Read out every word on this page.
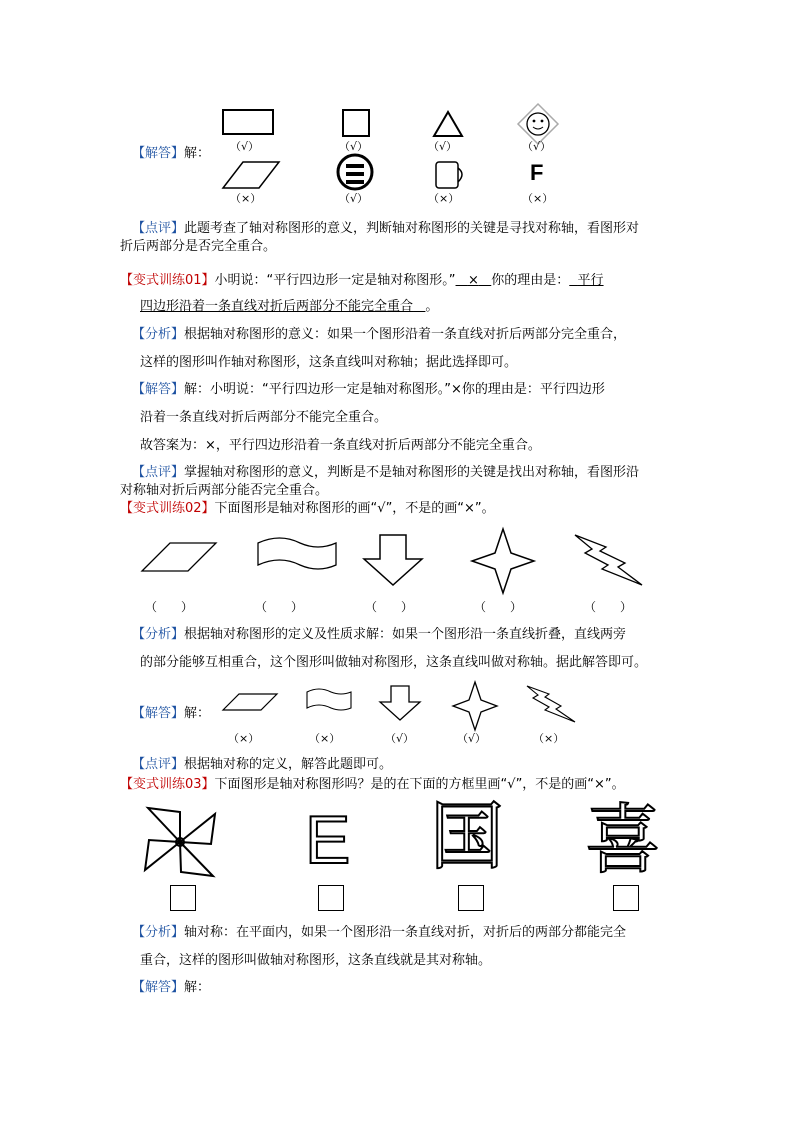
【解答】解：
F
（√）	（√）	（√）	（√）
（×）	（√）	（×）	（×）
【点评】此题考查了轴对称图形的意义，判断轴对称图形的关键是寻找对称轴，看图形对
折后两部分是否完全重合。
【变式训练01】小明说：“平行四边形一定是轴对称图形。” × 你的理由是： 平行
四边形沿着一条直线对折后两部分不能完全重合 。
【分析】根据轴对称图形的意义：如果一个图形沿着一条直线对折后两部分完全重合，
这样的图形叫作轴对称图形，这条直线叫对称轴；据此选择即可。
【解答】解：小明说：“平行四边形一定是轴对称图形。”×你的理由是：平行四边形
沿着一条直线对折后两部分不能完全重合。
故答案为：×，平行四边形沿着一条直线对折后两部分不能完全重合。
【点评】掌握轴对称图形的意义，判断是不是轴对称图形的关键是找出对称轴，看图形沿
对称轴对折后两部分能否完全重合。
【变式训练02】下面图形是轴对称图形的画“√”，不是的画“×”。
（　　）	（　　）	（　　）	（　　）	（　　）
【分析】根据轴对称图形的定义及性质求解：如果一个图形沿一条直线折叠，直线两旁
的部分能够互相重合，这个图形叫做轴对称图形，这条直线叫做对称轴。据此解答即可。
【解答】解：
（×）	（×）	（√）	（√）	（×）
【点评】根据轴对称的定义，解答此题即可。
【变式训练03】下面图形是轴对称图形吗？是的在下面的方框里画“√”，不是的画“×”。
E 国 喜
【分析】轴对称：在平面内，如果一个图形沿一条直线对折，对折后的两部分都能完全
重合，这样的图形叫做轴对称图形，这条直线就是其对称轴。
【解答】解：
